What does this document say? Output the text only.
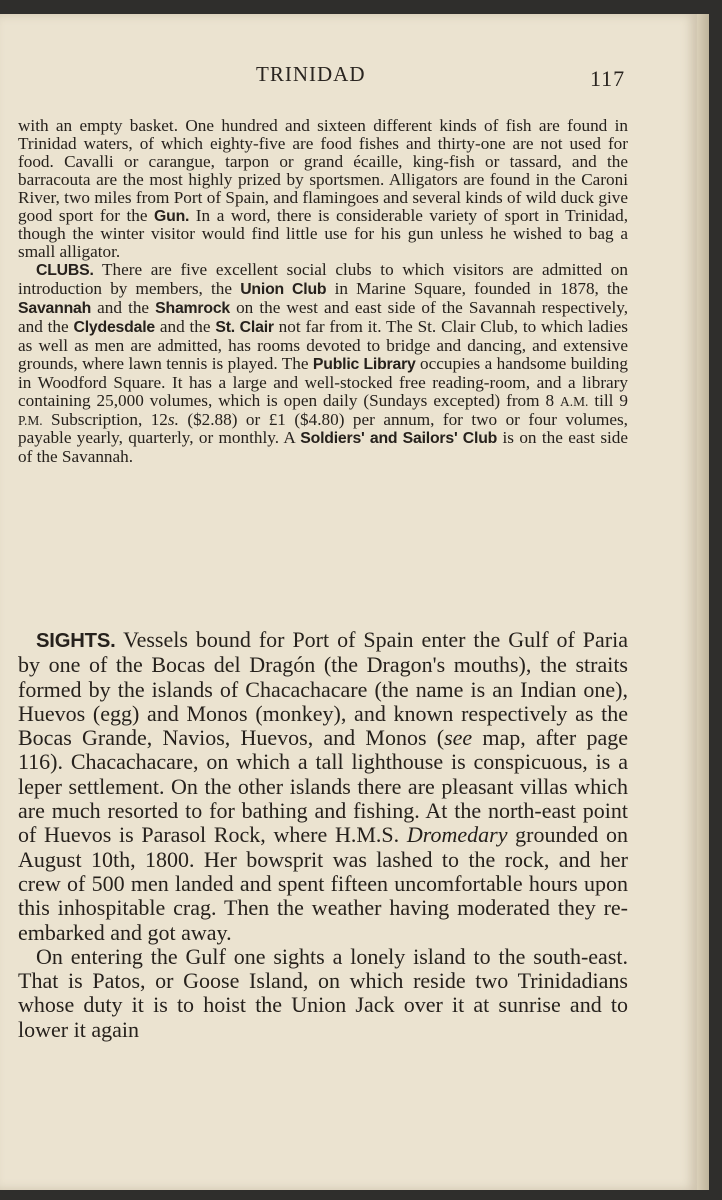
TRINIDAD	117

with an empty basket. One hundred and sixteen different kinds of fish are found in Trinidad waters, of which eighty-five are food fishes and thirty-one are not used for food. Cavalli or carangue, tarpon or grand écaille, king-fish or tassard, and the barracouta are the most highly prized by sportsmen. Alligators are found in the Caroni River, two miles from Port of Spain, and flamingoes and several kinds of wild duck give good sport for the Gun. In a word, there is considerable variety of sport in Trinidad, though the winter visitor would find little use for his gun unless he wished to bag a small alligator.

CLUBS. There are five excellent social clubs to which visitors are admitted on introduction by members, the Union Club in Marine Square, founded in 1878, the Savannah and the Shamrock on the west and east side of the Savannah respectively, and the Clydesdale and the St. Clair not far from it. The St. Clair Club, to which ladies as well as men are admitted, has rooms devoted to bridge and dancing, and extensive grounds, where lawn tennis is played. The Public Library occupies a handsome building in Woodford Square. It has a large and well-stocked free reading-room, and a library containing 25,000 volumes, which is open daily (Sundays excepted) from 8 A.M. till 9 P.M. Subscription, 12s. ($2.88) or £1 ($4.80) per annum, for two or four volumes, payable yearly, quarterly, or monthly. A Soldiers' and Sailors' Club is on the east side of the Savannah.

SIGHTS. Vessels bound for Port of Spain enter the Gulf of Paria by one of the Bocas del Dragón (the Dragon's mouths), the straits formed by the islands of Chacachacare (the name is an Indian one), Huevos (egg) and Monos (monkey), and known respectively as the Bocas Grande, Navios, Huevos, and Monos (see map, after page 116). Chacachacare, on which a tall lighthouse is conspicuous, is a leper settlement. On the other islands there are pleasant villas which are much resorted to for bathing and fishing. At the north-east point of Huevos is Parasol Rock, where H.M.S. Dromedary grounded on August 10th, 1800. Her bowsprit was lashed to the rock, and her crew of 500 men landed and spent fifteen uncomfortable hours upon this inhospitable crag. Then the weather having moderated they re-embarked and got away.

On entering the Gulf one sights a lonely island to the south-east. That is Patos, or Goose Island, on which reside two Trinidadians whose duty it is to hoist the Union Jack over it at sunrise and to lower it again
